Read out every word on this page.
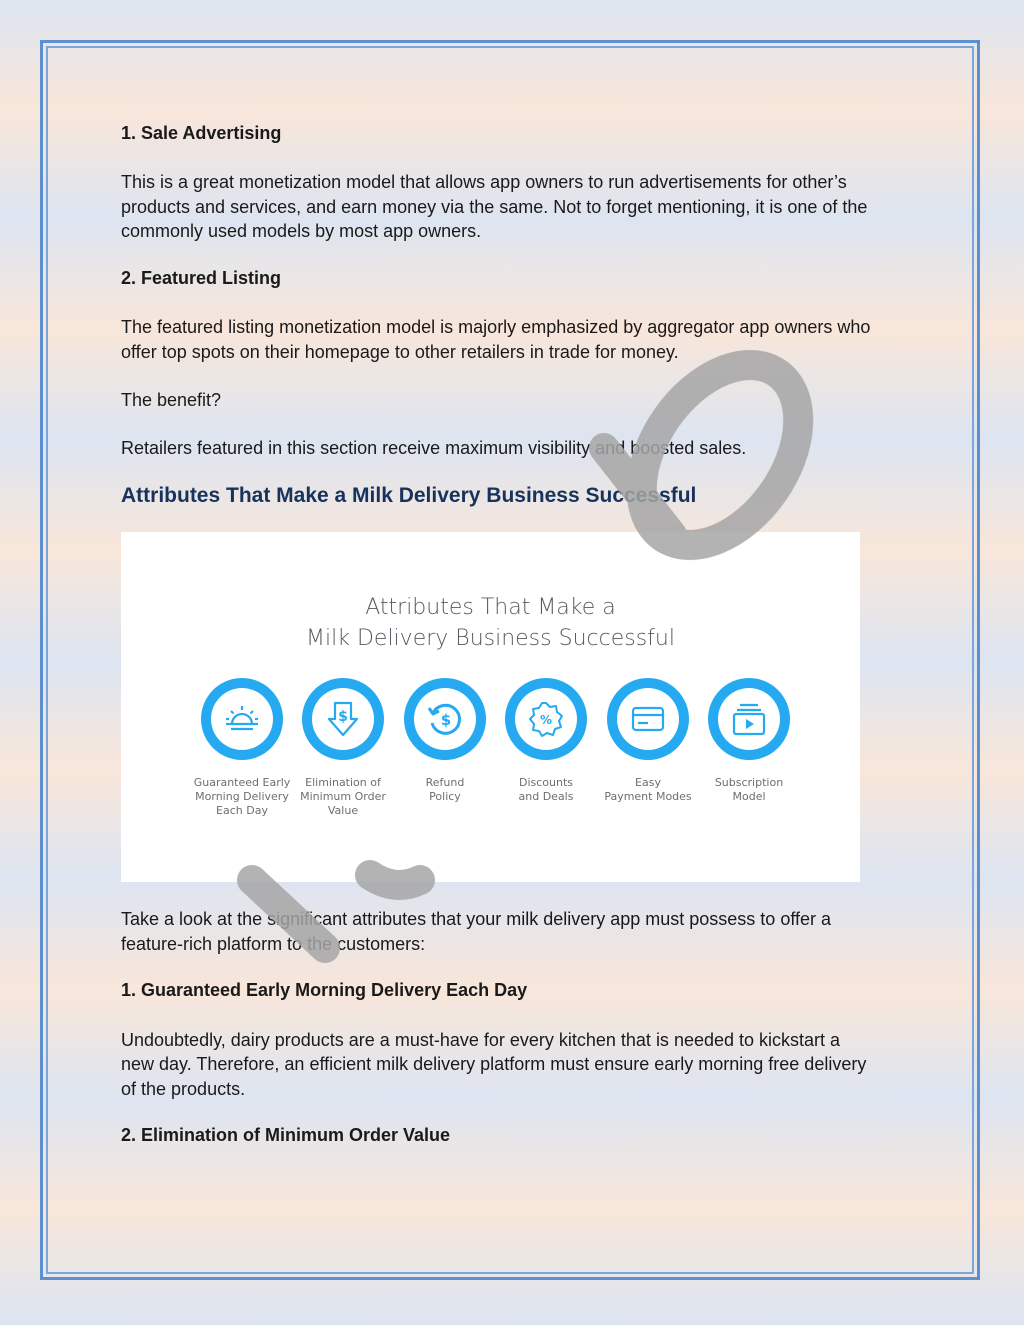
1. Sale Advertising

This is a great monetization model that allows app owners to run advertisements for other’s

products and services, and earn money via the same. Not to forget mentioning, it is one of the

commonly used models by most app owners.

2. Featured Listing

The featured listing monetization model is majorly emphasized by aggregator app owners who

offer top spots on their homepage to other retailers in trade for money.

The benefit?

Retailers featured in this section receive maximum visibility and boosted sales.

Attributes That Make a Milk Delivery Business Successful

Take a look at the significant attributes that your milk delivery app must possess to offer a

feature-rich platform to the customers:

1. Guaranteed Early Morning Delivery Each Day

Undoubtedly, dairy products are a must-have for every kitchen that is needed to kickstart a

new day. Therefore, an efficient milk delivery platform must ensure early morning free delivery

of the products.

2. Elimination of Minimum Order Value

Attributes That Make a
Milk Delivery Business Successful
Guaranteed Early
Morning Delivery
Each Day
$
Elimination of
Minimum Order
Value
$
Refund
Policy
%
Discounts
and Deals
Easy
Payment Modes
Subscription
Model
